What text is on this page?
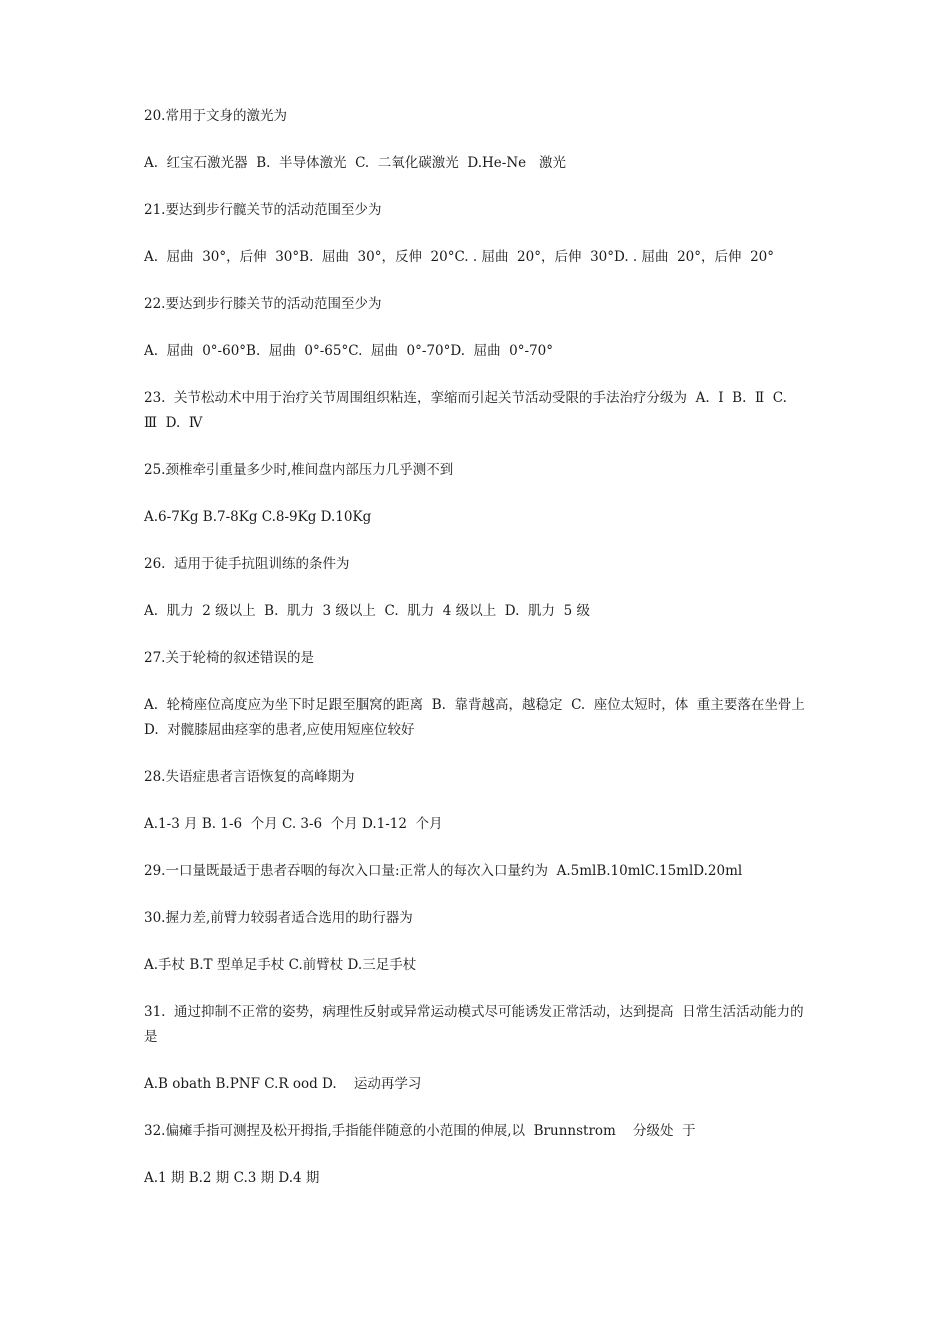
20.常用于文身的激光为

A.  红宝石激光器  B.  半导体激光  C.  二氧化碳激光  D.He-Ne   激光

21.要达到步行髋关节的活动范围至少为

A.  屈曲  30°，后伸  30°B.  屈曲  30°，反伸  20°C. . 屈曲  20°，后伸  30°D. . 屈曲  20°，后伸  20°

22.要达到步行膝关节的活动范围至少为

A.  屈曲  0°-60°B.  屈曲  0°-65°C.  屈曲  0°-70°D.  屈曲  0°-70°

23.  关节松动术中用于治疗关节周围组织粘连，挛缩而引起关节活动受限的手法治疗分级为  A.  Ⅰ  B.  Ⅱ  C.  Ⅲ  D.  Ⅳ

25.颈椎牵引重量多少时,椎间盘内部压力几乎测不到

A.6-7Kg B.7-8Kg C.8-9Kg D.10Kg

26.  适用于徒手抗阻训练的条件为

A.  肌力  2 级以上  B.  肌力  3 级以上  C.  肌力  4 级以上  D.  肌力  5 级

27.关于轮椅的叙述错误的是

A.  轮椅座位高度应为坐下时足跟至腘窝的距离  B.  靠背越高，越稳定  C.  座位太短时，体  重主要落在坐骨上  D.  对髋膝屈曲痉挛的患者,应使用短座位较好

28.失语症患者言语恢复的高峰期为

A.1-3 月 B. 1-6  个月 C. 3-6  个月 D.1-12  个月

29.一口量既最适于患者吞咽的每次入口量:正常人的每次入口量约为  A.5mlB.10mlC.15mlD.20ml

30.握力差,前臂力较弱者适合选用的助行器为

A.手杖 B.T 型单足手杖 C.前臂杖 D.三足手杖

31.  通过抑制不正常的姿势，病理性反射或异常运动模式尽可能诱发正常活动，达到提高  日常生活活动能力的是

A.B obath B.PNF C.R ood D.    运动再学习

32.偏瘫手指可测捏及松开拇指,手指能伴随意的小范围的伸展,以  Brunnstrom    分级处  于

A.1 期 B.2 期 C.3 期 D.4 期
